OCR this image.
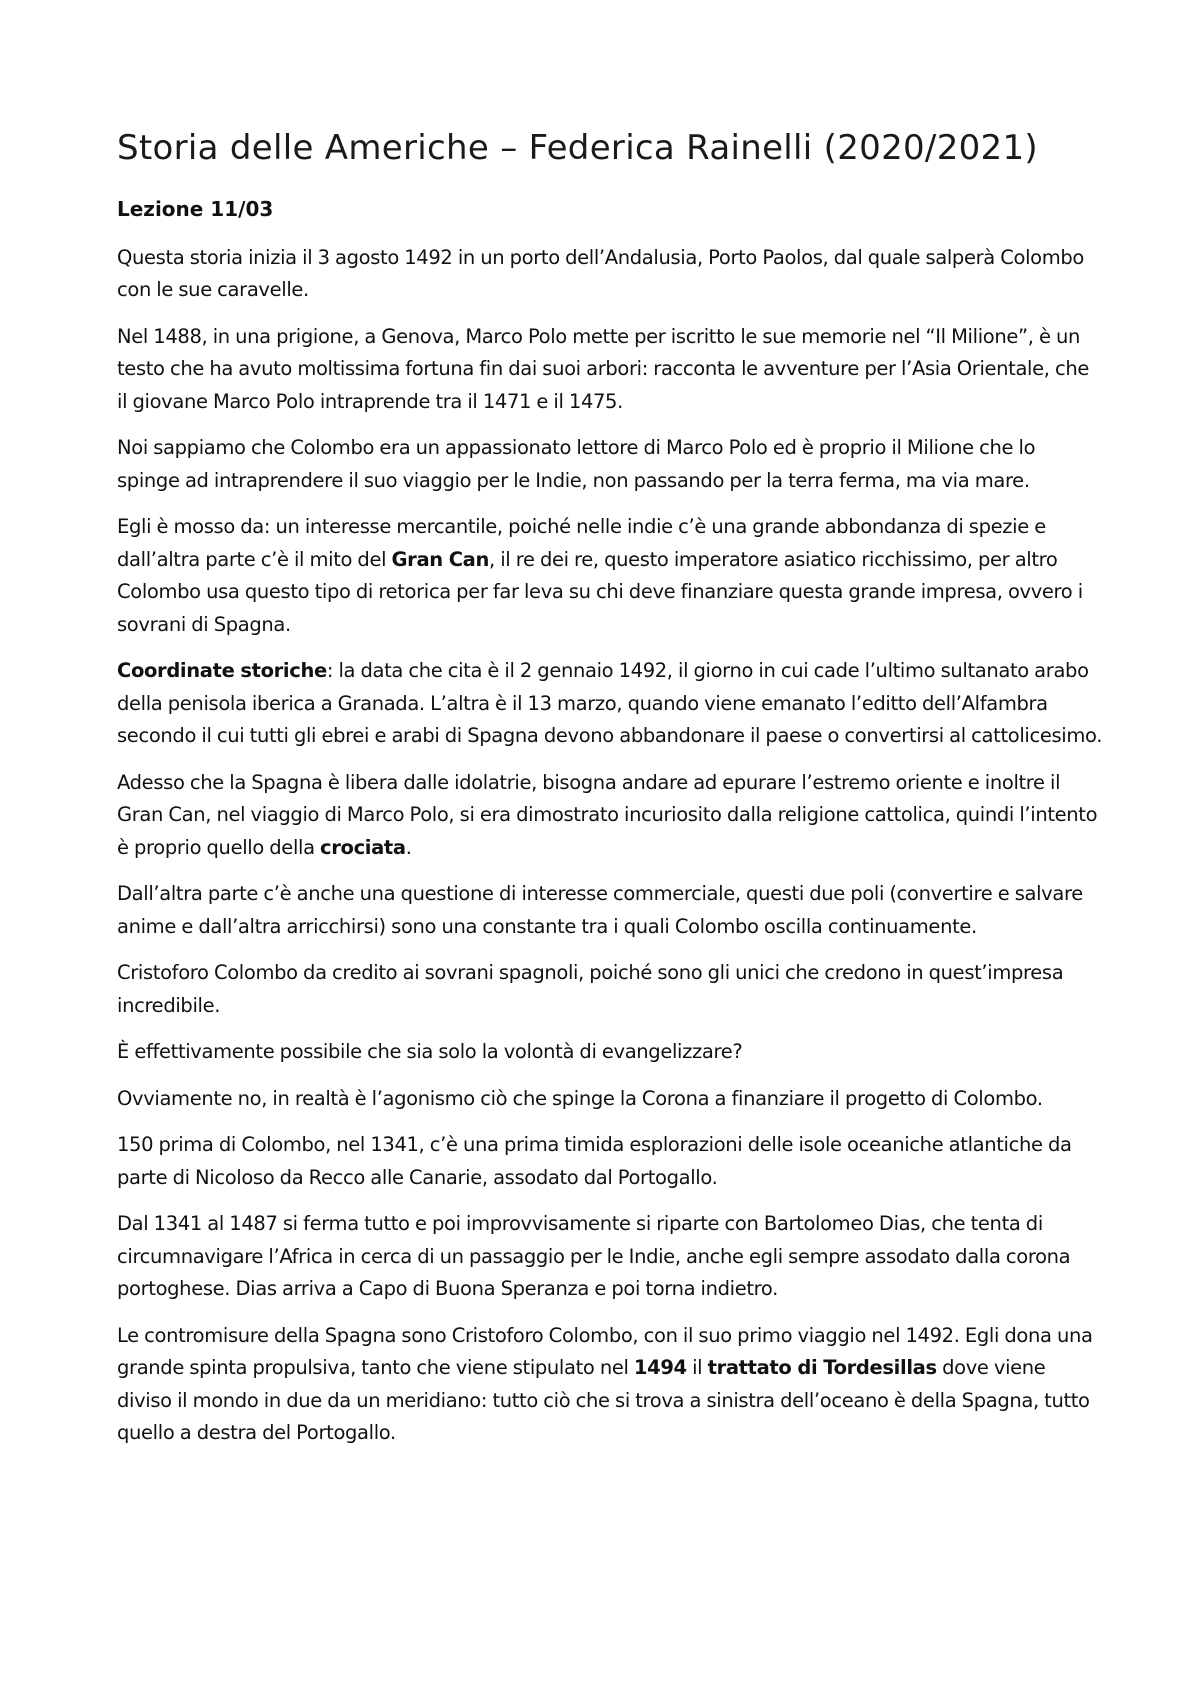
Storia delle Americhe – Federica Rainelli (2020/2021)
Lezione 11/03

Questa storia inizia il 3 agosto 1492 in un porto dell’Andalusia, Porto Paolos, dal quale salperà Colombo con le sue caravelle.

Nel 1488, in una prigione, a Genova, Marco Polo mette per iscritto le sue memorie nel “Il Milione”, è un testo che ha avuto moltissima fortuna fin dai suoi arbori: racconta le avventure per l’Asia Orientale, che il giovane Marco Polo intraprende tra il 1471 e il 1475.

Noi sappiamo che Colombo era un appassionato lettore di Marco Polo ed è proprio il Milione che lo spinge ad intraprendere il suo viaggio per le Indie, non passando per la terra ferma, ma via mare.

Egli è mosso da: un interesse mercantile, poiché nelle indie c’è una grande abbondanza di spezie e dall’altra parte c’è il mito del Gran Can, il re dei re, questo imperatore asiatico ricchissimo, per altro Colombo usa questo tipo di retorica per far leva su chi deve finanziare questa grande impresa, ovvero i sovrani di Spagna.

Coordinate storiche: la data che cita è il 2 gennaio 1492, il giorno in cui cade l’ultimo sultanato arabo della penisola iberica a Granada. L’altra è il 13 marzo, quando viene emanato l’editto dell’Alfambra secondo il cui tutti gli ebrei e arabi di Spagna devono abbandonare il paese o convertirsi al cattolicesimo.

Adesso che la Spagna è libera dalle idolatrie, bisogna andare ad epurare l’estremo oriente e inoltre il Gran Can, nel viaggio di Marco Polo, si era dimostrato incuriosito dalla religione cattolica, quindi l’intento è proprio quello della crociata.

Dall’altra parte c’è anche una questione di interesse commerciale, questi due poli (convertire e salvare anime e dall’altra arricchirsi) sono una constante tra i quali Colombo oscilla continuamente.

Cristoforo Colombo da credito ai sovrani spagnoli, poiché sono gli unici che credono in quest’impresa incredibile.

È effettivamente possibile che sia solo la volontà di evangelizzare?

Ovviamente no, in realtà è l’agonismo ciò che spinge la Corona a finanziare il progetto di Colombo.

150 prima di Colombo, nel 1341, c’è una prima timida esplorazioni delle isole oceaniche atlantiche da parte di Nicoloso da Recco alle Canarie, assodato dal Portogallo.

Dal 1341 al 1487 si ferma tutto e poi improvvisamente si riparte con Bartolomeo Dias, che tenta di circumnavigare l’Africa in cerca di un passaggio per le Indie, anche egli sempre assodato dalla corona portoghese. Dias arriva a Capo di Buona Speranza e poi torna indietro.

Le contromisure della Spagna sono Cristoforo Colombo, con il suo primo viaggio nel 1492. Egli dona una grande spinta propulsiva, tanto che viene stipulato nel 1494 il trattato di Tordesillas dove viene diviso il mondo in due da un meridiano: tutto ciò che si trova a sinistra dell’oceano è della Spagna, tutto quello a destra del Portogallo.
